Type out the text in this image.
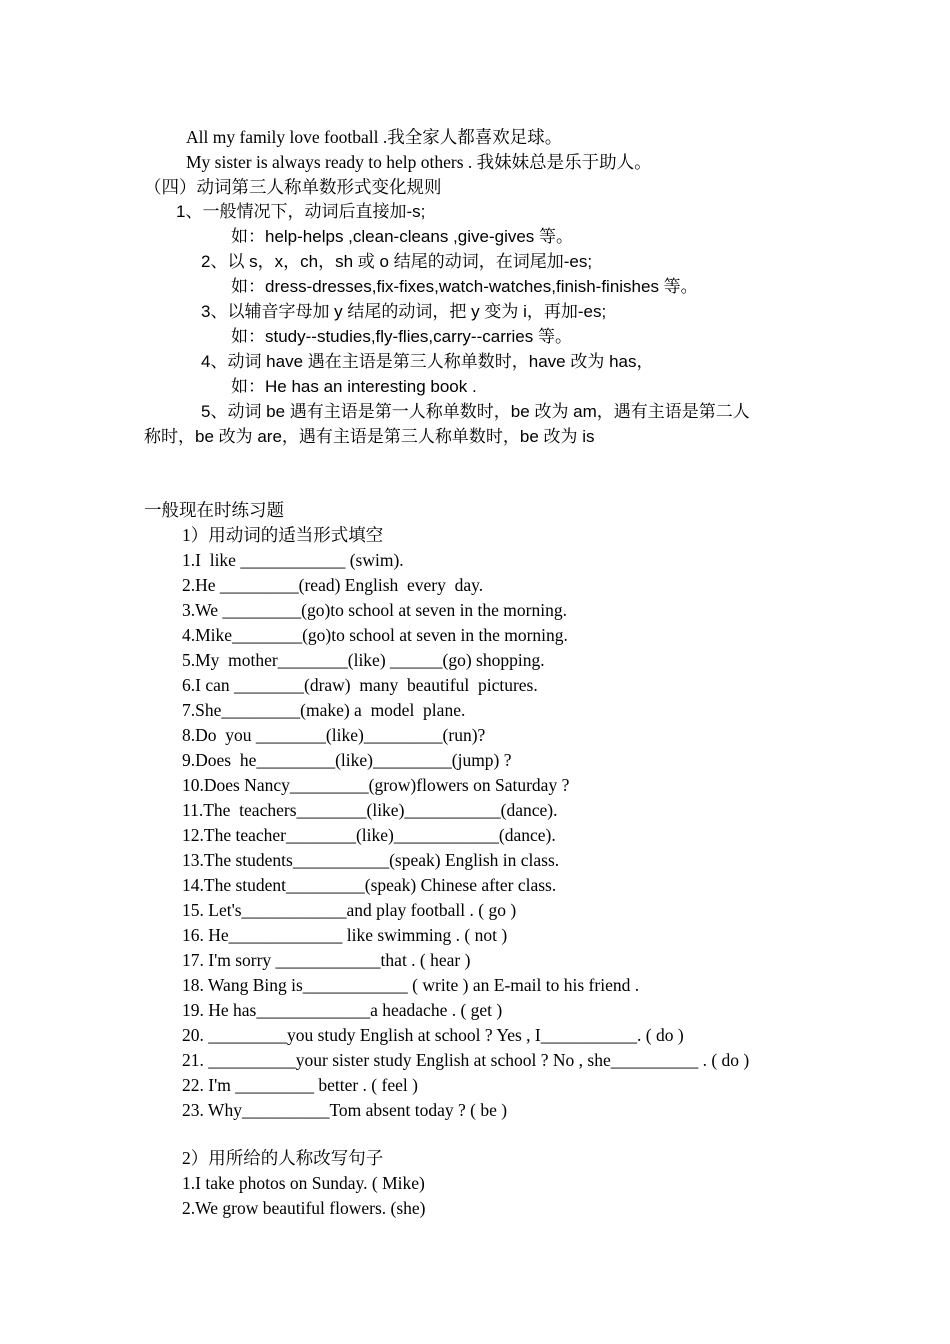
All my family love football .我全家人都喜欢足球。
My sister is always ready to help others . 我妹妹总是乐于助人。
（四）动词第三人称单数形式变化规则
1、一般情况下，动词后直接加-s;
如：help-helps ,clean-cleans ,give-gives 等。
2、以 s，x，ch，sh 或 o 结尾的动词，在词尾加-es;
如：dress-dresses,fix-fixes,watch-watches,finish-finishes 等。
3、以辅音字母加 y 结尾的动词，把 y 变为 i，再加-es;
如：study--studies,fly-flies,carry--carries 等。
4、动词 have 遇在主语是第三人称单数时，have 改为 has，
如：He has an interesting book .
5、动词 be 遇有主语是第一人称单数时，be 改为 am，遇有主语是第二人
称时，be 改为 are，遇有主语是第三人称单数时，be 改为 is
一般现在时练习题
1）用动词的适当形式填空
1.I  like ____________ (swim).
2.He _________(read) English  every  day.
3.We _________(go)to school at seven in the morning.
4.Mike________(go)to school at seven in the morning.
5.My  mother________(like) ______(go) shopping.
6.I can ________(draw)  many  beautiful  pictures.
7.She_________(make) a  model  plane.
8.Do  you ________(like)_________(run)?
9.Does  he_________(like)_________(jump) ?
10.Does Nancy_________(grow)flowers on Saturday ?
11.The  teachers________(like)___________(dance).
12.The teacher________(like)____________(dance).
13.The students___________(speak) English in class.
14.The student_________(speak) Chinese after class.
15. Let's____________and play football . ( go )
16. He_____________ like swimming . ( not )
17. I'm sorry ____________that . ( hear )
18. Wang Bing is____________ ( write ) an E-mail to his friend .
19. He has_____________a headache . ( get )
20. _________you study English at school ? Yes , I___________. ( do )
21. __________your sister study English at school ? No , she__________ . ( do )
22. I'm _________ better . ( feel )
23. Why__________Tom absent today ? ( be )
2）用所给的人称改写句子
1.I take photos on Sunday. ( Mike)
2.We grow beautiful flowers. (she)
